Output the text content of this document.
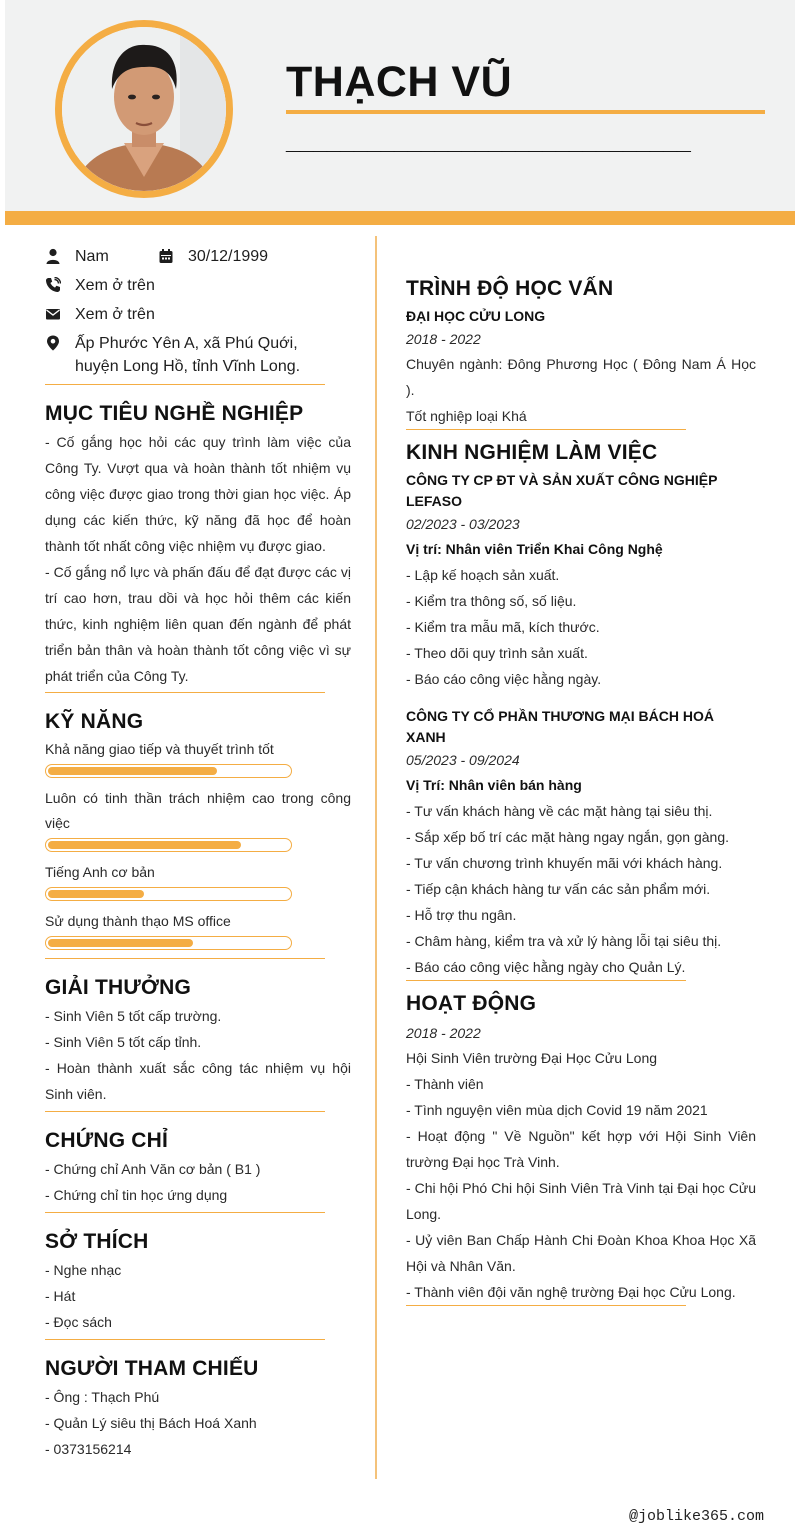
THẠCH VŨ
______________________________
Nam	30/12/1999
Xem ở trên
Xem ở trên
Ấp Phước Yên A, xã Phú Quới, huyện Long Hồ, tỉnh Vĩnh Long.
MỤC TIÊU NGHỀ NGHIỆP
- Cố gắng học hỏi các quy trình làm việc của Công Ty. Vượt qua và hoàn thành tốt nhiệm vụ công việc được giao trong thời gian học việc. Áp dụng các kiến thức, kỹ năng đã học để hoàn thành tốt nhất công việc nhiệm vụ được giao.
- Cố gắng nổ lực và phấn đấu để đạt được các vị trí cao hơn, trau dồi và học hỏi thêm các kiến thức, kinh nghiệm liên quan đến ngành để phát triển bản thân và hoàn thành tốt công việc vì sự phát triển của Công Ty.
KỸ NĂNG
Khả năng giao tiếp và thuyết trình tốt
Luôn có tinh thần trách nhiệm cao trong công việc
Tiếng Anh cơ bản
Sử dụng thành thạo MS office
GIẢI THƯỞNG
- Sinh Viên 5 tốt cấp trường.
- Sinh Viên 5 tốt cấp tỉnh.
- Hoàn thành xuất sắc công tác nhiệm vụ hội Sinh viên.
CHỨNG CHỈ
- Chứng chỉ Anh Văn cơ bản ( B1 )
- Chứng chỉ tin học ứng dụng
SỞ THÍCH
- Nghe nhạc
- Hát
- Đọc sách
NGƯỜI THAM CHIẾU
- Ông : Thạch Phú
- Quản Lý siêu thị Bách Hoá Xanh
- 0373156214
TRÌNH ĐỘ HỌC VẤN
ĐẠI HỌC CỬU LONG
2018 - 2022
Chuyên ngành: Đông Phương Học ( Đông Nam Á Học ).
Tốt nghiệp loại Khá
KINH NGHIỆM LÀM VIỆC
CÔNG TY CP ĐT VÀ SẢN XUẤT CÔNG NGHIỆP LEFASO
02/2023 - 03/2023
Vị trí: Nhân viên Triển Khai Công Nghệ
- Lập kế hoạch sản xuất.
- Kiểm tra thông số, số liệu.
- Kiểm tra mẫu mã, kích thước.
- Theo dõi quy trình sản xuất.
- Báo cáo công việc hằng ngày.
CÔNG TY CỔ PHẦN THƯƠNG MẠI BÁCH HOÁ XANH
05/2023 - 09/2024
Vị Trí: Nhân viên bán hàng
- Tư vấn khách hàng về các mặt hàng tại siêu thị.
- Sắp xếp bố trí các mặt hàng ngay ngắn, gọn gàng.
- Tư vấn chương trình khuyến mãi với khách hàng.
- Tiếp cận khách hàng tư vấn các sản phẩm mới.
- Hỗ trợ thu ngân.
- Châm hàng, kiểm tra và xử lý hàng lỗi tại siêu thị.
- Báo cáo công việc hằng ngày cho Quản Lý.
HOẠT ĐỘNG
2018 - 2022
Hội Sinh Viên trường Đại Học Cửu Long
- Thành viên
- Tình nguyện viên mùa dịch Covid 19 năm 2021
- Hoạt động " Về Nguồn" kết hợp với Hội Sinh Viên trường Đại học Trà Vinh.
- Chi hội Phó Chi hội Sinh Viên Trà Vinh tại Đại học Cửu Long.
- Uỷ viên Ban Chấp Hành Chi Đoàn Khoa Khoa Học Xã Hội và Nhân Văn.
- Thành viên đội văn nghệ trường Đại học Cửu Long.
@joblike365.com
